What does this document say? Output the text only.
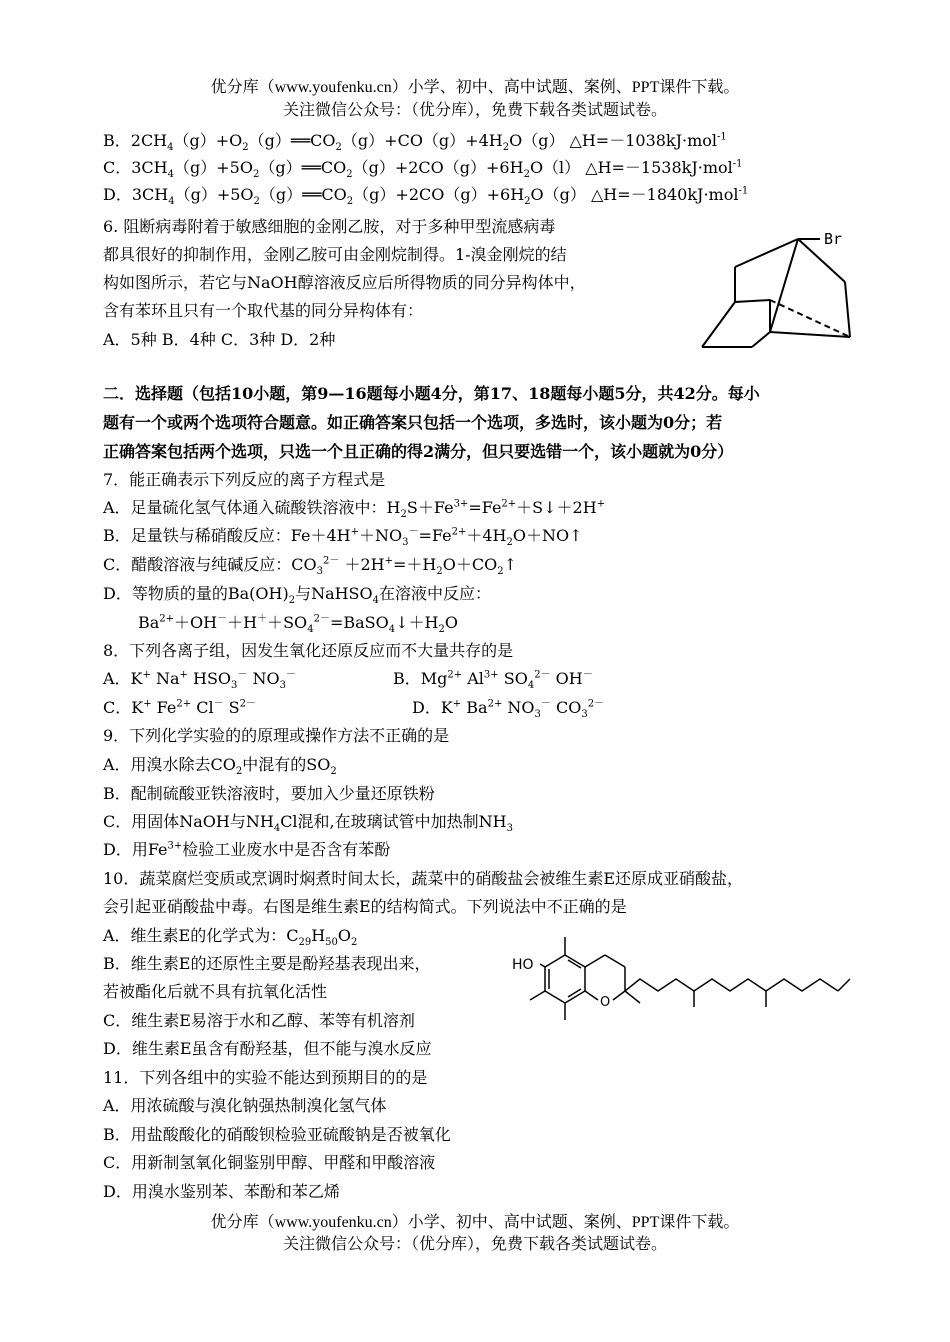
优分库（www.youfenku.cn）小学、初中、高中试题、案例、PPT课件下载。
关注微信公众号：（优分库），免费下载各类试题试卷。
B．$2CH_4(g)+O_2(g)══CO_2(g)+CO(g)+4H_2O(g)$ △H=－1038kJ·mol$^{-1}$
C．$3CH_4(g)+5O_2(g)══CO_2(g)+2CO(g)+6H_2O(l)$ △H=－1538kJ·mol$^{-1}$
D．$3CH_4(g)+5O_2(g)══CO_2(g)+2CO(g)+6H_2O(g)$ △H=－1840kJ·mol$^{-1}$
6. 阻断病毒附着于敏感细胞的金刚乙胺，对于多种甲型流感病毒
都具很好的抑制作用，金刚乙胺可由金刚烷制得。1-溴金刚烷的结
构如图所示，若它与NaOH醇溶液反应后所得物质的同分异构体中，
含有苯环且只有一个取代基的同分异构体有：
A．5种 B．4种 C．3种 D．2种
Br
二．选择题（包括10小题，第9—16题每小题4分，第17、18题每小题5分，共42分。每小
题有一个或两个选项符合题意。如正确答案只包括一个选项，多选时，该小题为0分；若
正确答案包括两个选项，只选一个且正确的得2满分，但只要选错一个，该小题就为0分）
7．能正确表示下列反应的离子方程式是
A．足量硫化氢气体通入硫酸铁溶液中：$H_2S+Fe^{3+}=Fe^{2+}+S↓+2H^+$
B．足量铁与稀硝酸反应：$Fe+4H^++NO_3^-=Fe^{2+}+4H_2O+NO↑$
C．醋酸溶液与纯碱反应：$CO_3^{2-}$ $+2H^+=+H_2O+CO_2↑$
D．等物质的量的$Ba(OH)_2$与NaHSO$_4$在溶液中反应：
$Ba^{2+}+OH^-+H^++SO_4^{2-}=BaSO_4↓+H_2O$
8．下列各离子组，因发生氧化还原反应而不大量共存的是
A．K+ Na+ $HSO_3^-$ $NO_3^-$	B．$Mg^{2+}$ $Al^{3+}$ $SO_4^{2-}$ OH－
C．K+ $Fe^{2+}$ Cl－ $S^{2-}$	D．K+ $Ba^{2+}$ $NO_3^-$ $CO_3^{2-}$
9．下列化学实验的的原理或操作方法不正确的是
A．用溴水除去$CO_2$中混有的$SO_2$
B．配制硫酸亚铁溶液时，要加入少量还原铁粉
C．用固体NaOH与$NH_4Cl$混和,在玻璃试管中加热制$NH_3$
D．用$Fe^{3+}$检验工业废水中是否含有苯酚
10．蔬菜腐烂变质或烹调时焖煮时间太长，蔬菜中的硝酸盐会被维生素E还原成亚硝酸盐，
会引起亚硝酸盐中毒。右图是维生素E的结构简式。下列说法中不正确的是
A．维生素E的化学式为：$C_{29}H_{50}O_2$
B．维生素E的还原性主要是酚羟基表现出来，
若被酯化后就不具有抗氧化活性
C．维生素E易溶于水和乙醇、苯等有机溶剂
D．维生素E虽含有酚羟基，但不能与溴水反应
HO
O
11．下列各组中的实验不能达到预期目的的是
A．用浓硫酸与溴化钠强热制溴化氢气体
B．用盐酸酸化的硝酸钡检验亚硫酸钠是否被氧化
C．用新制氢氧化铜鉴别甲醇、甲醛和甲酸溶液
D．用溴水鉴别苯、苯酚和苯乙烯
优分库（www.youfenku.cn）小学、初中、高中试题、案例、PPT课件下载。
关注微信公众号：（优分库），免费下载各类试题试卷。
